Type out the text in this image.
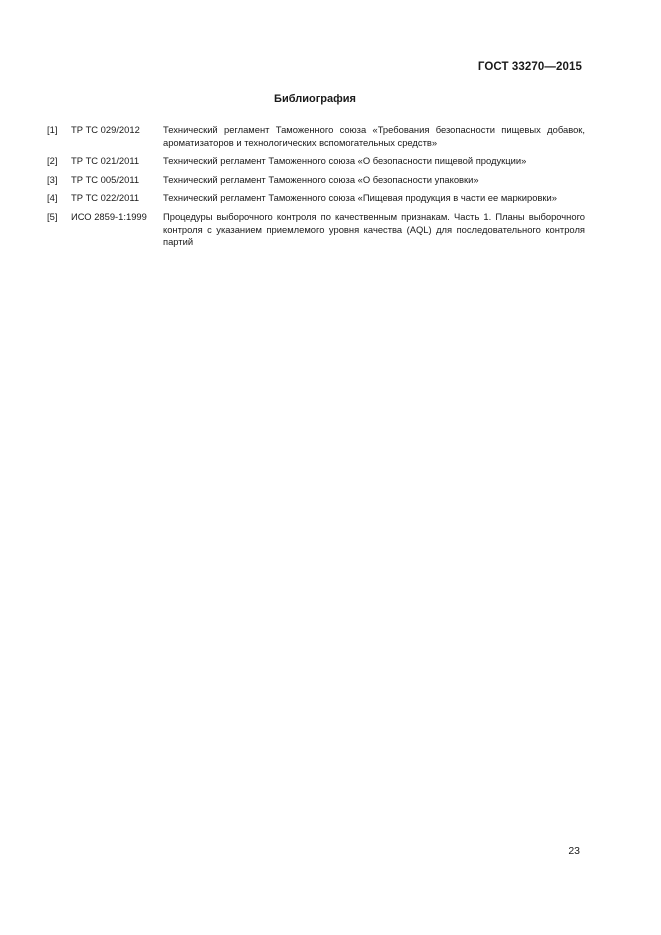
ГОСТ 33270—2015
Библиография
[1] ТР ТС 029/2012 Технический регламент Таможенного союза «Требования безопасности пищевых добавок, ароматизаторов и технологических вспомогательных средств»
[2] ТР ТС 021/2011	Технический регламент Таможенного союза «О безопасности пищевой продукции»
[3] ТР ТС 005/2011	Технический регламент Таможенного союза «О безопасности упаковки»
[4] ТР ТС 022/2011	Технический регламент Таможенного союза «Пищевая продукция в части ее маркировки»
[5] ИСО 2859-1:1999 Процедуры выборочного контроля по качественным признакам. Часть 1. Планы выборочного контроля с указанием приемлемого уровня качества (AQL) для последовательного контроля партий
23
